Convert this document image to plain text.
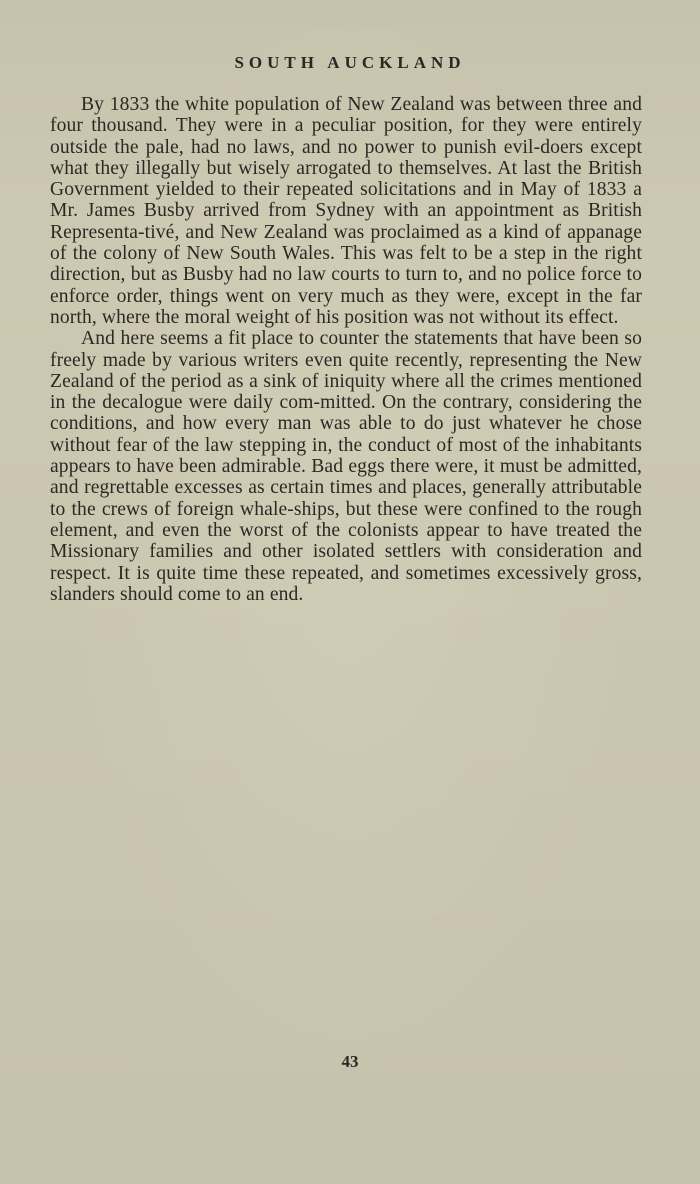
SOUTH AUCKLAND

By 1833 the white population of New Zealand was between three and four thousand. They were in a peculiar position, for they were entirely outside the pale, had no laws, and no power to punish evil-doers except what they illegally but wisely arrogated to themselves. At last the British Government yielded to their repeated solicitations and in May of 1833 a Mr. James Busby arrived from Sydney with an appointment as British Representa-tivé, and New Zealand was proclaimed as a kind of appanage of the colony of New South Wales. This was felt to be a step in the right direction, but as Busby had no law courts to turn to, and no police force to enforce order, things went on very much as they were, except in the far north, where the moral weight of his position was not without its effect.

And here seems a fit place to counter the statements that have been so freely made by various writers even quite recently, representing the New Zealand of the period as a sink of iniquity where all the crimes mentioned in the decalogue were daily com-mitted. On the contrary, considering the conditions, and how every man was able to do just whatever he chose without fear of the law stepping in, the conduct of most of the inhabitants appears to have been admirable. Bad eggs there were, it must be admitted, and regrettable excesses as certain times and places, generally attributable to the crews of foreign whale-ships, but these were confined to the rough element, and even the worst of the colonists appear to have treated the Missionary families and other isolated settlers with consideration and respect. It is quite time these repeated, and sometimes excessively gross, slanders should come to an end.

43
